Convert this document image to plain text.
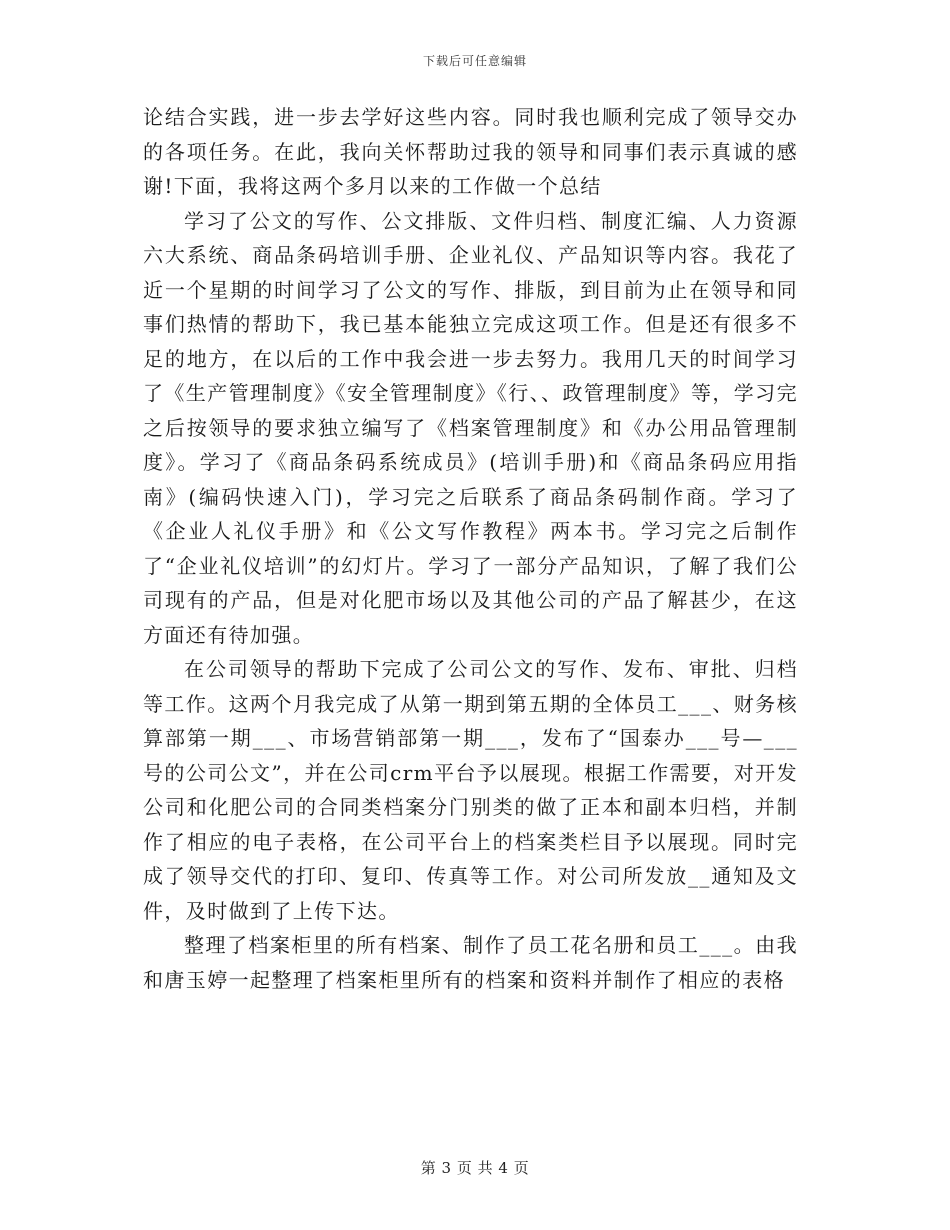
下载后可任意编辑

论结合实践，进一步去学好这些内容。同时我也顺利完成了领导交办的各项任务。在此，我向关怀帮助过我的领导和同事们表示真诚的感谢!下面，我将这两个多月以来的工作做一个总结

学习了公文的写作、公文排版、文件归档、制度汇编、人力资源六大系统、商品条码培训手册、企业礼仪、产品知识等内容。我花了近一个星期的时间学习了公文的写作、排版，到目前为止在领导和同事们热情的帮助下，我已基本能独立完成这项工作。但是还有很多不足的地方，在以后的工作中我会进一步去努力。我用几天的时间学习了《生产管理制度》《安全管理制度》《行、、政管理制度》等，学习完之后按领导的要求独立编写了《档案管理制度》和《办公用品管理制度》。学习了《商品条码系统成员》(培训手册)和《商品条码应用指南》(编码快速入门)，学习完之后联系了商品条码制作商。学习了《企业人礼仪手册》和《公文写作教程》两本书。学习完之后制作了“企业礼仪培训”的幻灯片。学习了一部分产品知识，了解了我们公司现有的产品，但是对化肥市场以及其他公司的产品了解甚少，在这方面还有待加强。

在公司领导的帮助下完成了公司公文的写作、发布、审批、归档等工作。这两个月我完成了从第一期到第五期的全体员工___、财务核算部第一期___、市场营销部第一期___，发布了“国泰办___号—___号的公司公文”，并在公司crm平台予以展现。根据工作需要，对开发公司和化肥公司的合同类档案分门别类的做了正本和副本归档，并制作了相应的电子表格，在公司平台上的档案类栏目予以展现。同时完成了领导交代的打印、复印、传真等工作。对公司所发放__通知及文件，及时做到了上传下达。

整理了档案柜里的所有档案、制作了员工花名册和员工___。由我和唐玉婷一起整理了档案柜里所有的档案和资料并制作了相应的表格

第 3 页 共 4 页
